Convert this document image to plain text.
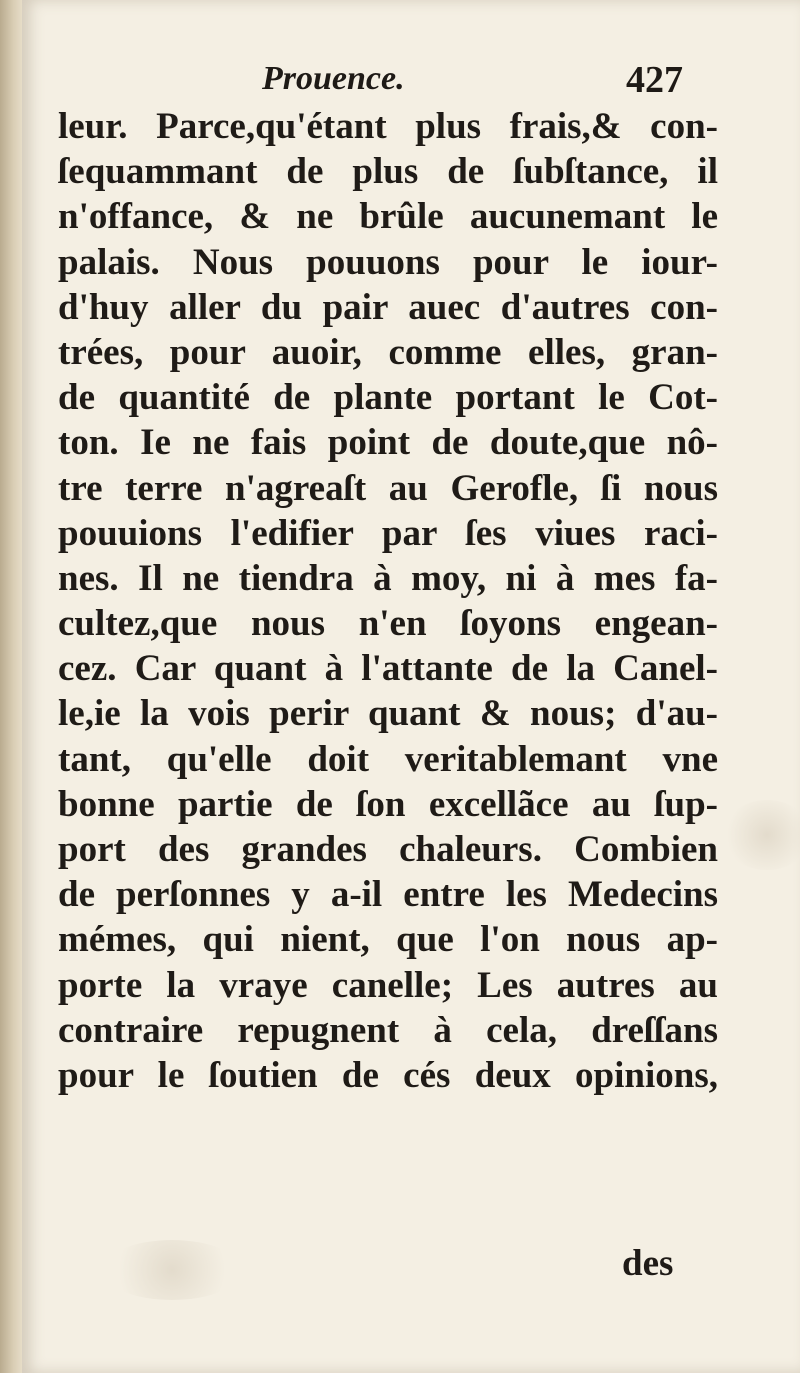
Prouence.	427
leur. Parce,qu'étant plus frais,& con-
ſequammant de plus de ſubſtance, il
n'offance, & ne brûle aucunemant le
palais. Nous pouuons pour le iour-
d'huy aller du pair auec d'autres con-
trées, pour auoir, comme elles, gran-
de quantité de plante portant le Cot-
ton. Ie ne fais point de doute,que nô-
tre terre n'agreaſt au Gerofle, ſi nous
pouuions l'edifier par ſes viues raci-
nes. Il ne tiendra à moy, ni à mes fa-
cultez,que nous n'en ſoyons engean-
cez. Car quant à l'attante de la Canel-
le,ie la vois perir quant & nous; d'au-
tant, qu'elle doit veritablemant vne
bonne partie de ſon excellãce au ſup-
port des grandes chaleurs. Combien
de perſonnes y a-il entre les Medecins
mémes, qui nient, que l'on nous ap-
porte la vraye canelle; Les autres au
contraire repugnent à cela, dreſſans
pour le ſoutien de cés deux opinions,
des
